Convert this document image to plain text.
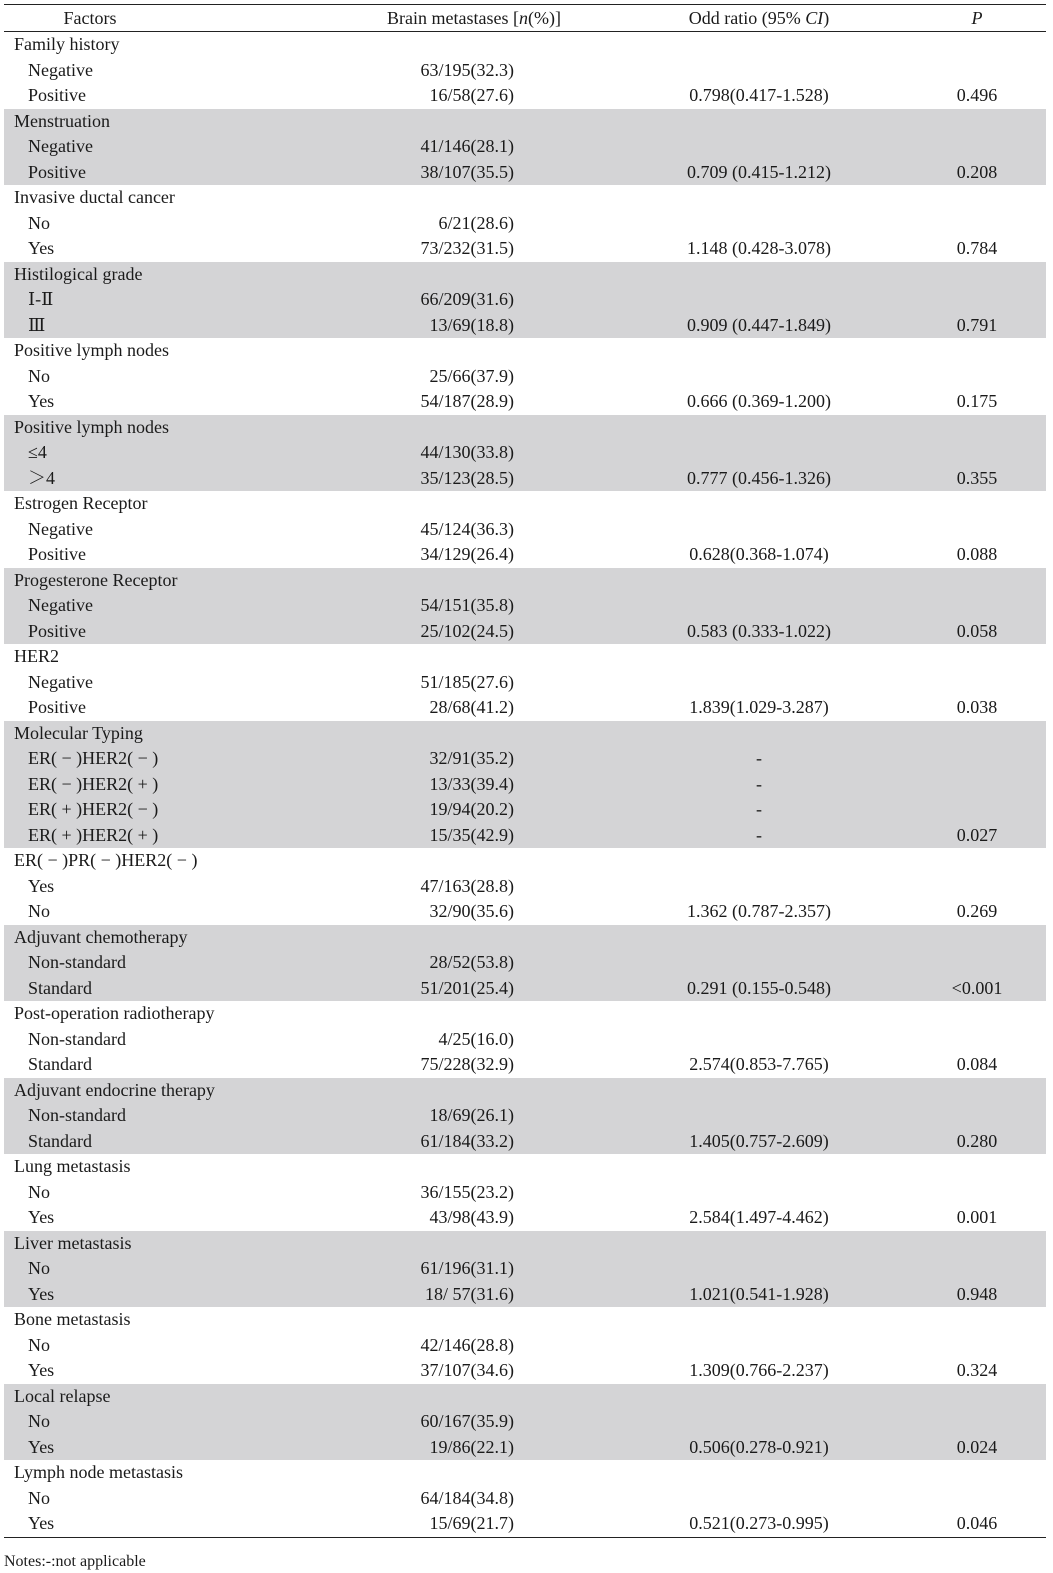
Factors	Brain metastases [n(%)]	Odd ratio (95% CI)	P
Family history
Negative	63/195(32.3)
Positive	16/58(27.6)	0.798(0.417-1.528)	0.496
Menstruation
Negative	41/146(28.1)
Positive	38/107(35.5)	0.709 (0.415-1.212)	0.208
Invasive ductal cancer
No	6/21(28.6)
Yes	73/232(31.5)	1.148 (0.428-3.078)	0.784
Histilogical grade
Ⅰ-Ⅱ	66/209(31.6)
Ⅲ	13/69(18.8)	0.909 (0.447-1.849)	0.791
Positive lymph nodes
No	25/66(37.9)
Yes	54/187(28.9)	0.666 (0.369-1.200)	0.175
Positive lymph nodes
≤4	44/130(33.8)
＞4	35/123(28.5)	0.777 (0.456-1.326)	0.355
Estrogen Receptor
Negative	45/124(36.3)
Positive	34/129(26.4)	0.628(0.368-1.074)	0.088
Progesterone Receptor
Negative	54/151(35.8)
Positive	25/102(24.5)	0.583 (0.333-1.022)	0.058
HER2
Negative	51/185(27.6)
Positive	28/68(41.2)	1.839(1.029-3.287)	0.038
Molecular Typing
ER( − )HER2( − )	32/91(35.2)	-
ER( − )HER2( + )	13/33(39.4)	-
ER( + )HER2( − )	19/94(20.2)	-
ER( + )HER2( + )	15/35(42.9)	-	0.027
ER( − )PR( − )HER2( − )
Yes	47/163(28.8)
No	32/90(35.6)	1.362 (0.787-2.357)	0.269
Adjuvant chemotherapy
Non-standard	28/52(53.8)
Standard	51/201(25.4)	0.291 (0.155-0.548)	<0.001
Post-operation radiotherapy
Non-standard	4/25(16.0)
Standard	75/228(32.9)	2.574(0.853-7.765)	0.084
Adjuvant endocrine therapy
Non-standard	18/69(26.1)
Standard	61/184(33.2)	1.405(0.757-2.609)	0.280
Lung metastasis
No	36/155(23.2)
Yes	43/98(43.9)	2.584(1.497-4.462)	0.001
Liver metastasis
No	61/196(31.1)
Yes	18/ 57(31.6)	1.021(0.541-1.928)	0.948
Bone metastasis
No	42/146(28.8)
Yes	37/107(34.6)	1.309(0.766-2.237)	0.324
Local relapse
No	60/167(35.9)
Yes	19/86(22.1)	0.506(0.278-0.921)	0.024
Lymph node metastasis
No	64/184(34.8)
Yes	15/69(21.7)	0.521(0.273-0.995)	0.046
Notes:-:not applicable
